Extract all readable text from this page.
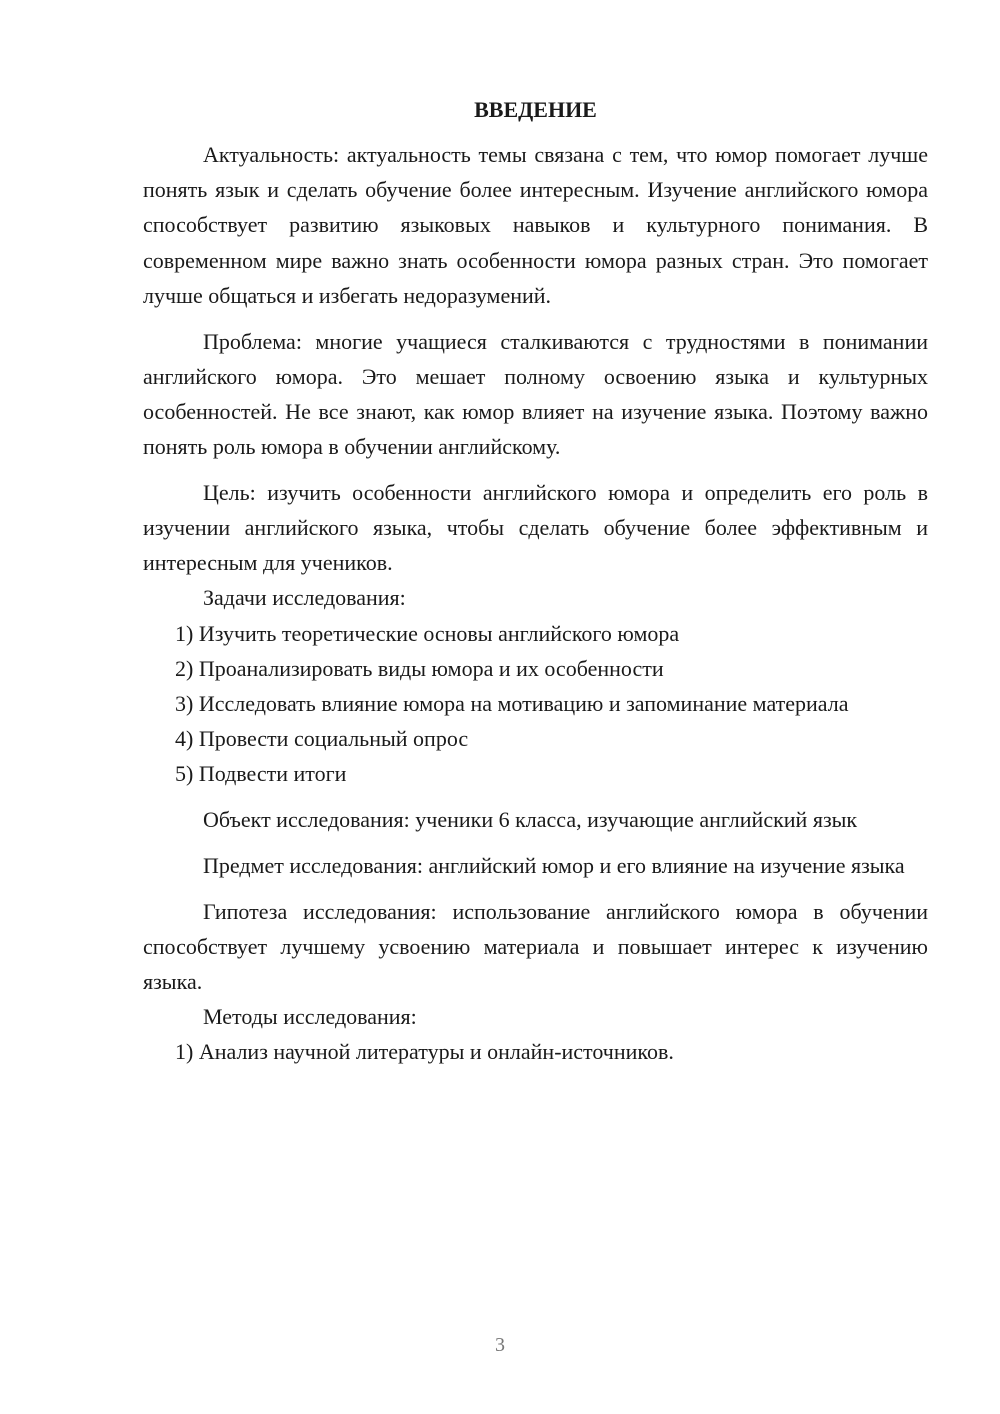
ВВЕДЕНИЕ

Актуальность: актуальность темы связана с тем, что юмор помогает лучше понять язык и сделать обучение более интересным. Изучение английского юмора способствует развитию языковых навыков и культурного понимания. В современном мире важно знать особенности юмора разных стран. Это помогает лучше общаться и избегать недоразумений.

Проблема: многие учащиеся сталкиваются с трудностями в понимании английского юмора. Это мешает полному освоению языка и культурных особенностей. Не все знают, как юмор влияет на изучение языка. Поэтому важно понять роль юмора в обучении английскому.

Цель: изучить особенности английского юмора и определить его роль в изучении английского языка, чтобы сделать обучение более эффективным и интересным для учеников.

Задачи исследования:

1) Изучить теоретические основы английского юмора

2) Проанализировать виды юмора и их особенности

3) Исследовать влияние юмора на мотивацию и запоминание материала

4) Провести социальный опрос

5) Подвести итоги

Объект исследования: ученики 6 класса, изучающие английский язык

Предмет исследования: английский юмор и его влияние на изучение языка

Гипотеза исследования: использование английского юмора в обучении способствует лучшему усвоению материала и повышает интерес к изучению языка.

Методы исследования:

1) Анализ научной литературы и онлайн-источников.

3
